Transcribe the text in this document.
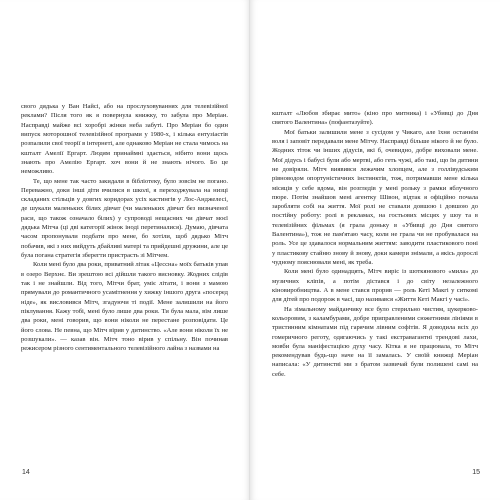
свого дядька у Ван Найсі, або на прослуховуваннях для телевізійної реклами? Після того як я повернула книжку, то забула про Меріан. Насправді майже всі хоробрі жінки неба забуті. Про Меріан бо один випуск моторошної телевізійної програми у 1980-х, і кілька ентузіастів розпалили свої теорії в інтернеті, але однаково Меріан не стала чимось на кшталт Амелії Ергарт. Людям принаймні здається, нібито вони щось знають про Амелію Ергарт. хоч вони й не знають нічого. Бо це неможливо.

Те, що мене так часто закидали в бібліотеку, було зовсім не погано. Переважно, доки інші діти вчилися в школі, я переходжувала на низці складаних стільців у довгих коридорах усіх кастингів у Лос-Анджелесі, де шукали маленьких білих дівчат (чи маленьких дівчат без визначеної раси, що також означало білих) у супроводі нещасних чи дівчат моєї дядька Мітча (ці дві категорії жінок іноді перетиналися). Думаю, дівчата часом пропонували подбати про мене, бо хотіли, щоб дядько Мітч побачив, які з них вийдуть дбайливі матері та прийдешні дружини, але це була погана стратегія зберегти пристрасть зі Мітчем.

Коли мені було два роки, приватний літак «Цессна» моїх батьків упав в озеро Верхнє. Ви зрештою всі дійшли такого висновку. Жодних слідів так і не знайшли. Від того, Мітчи брат, уміє літати, і вони з мамою прямували до романтичного усамітнення у хижку іншого друга «посеред ніде», як висловився Мітч, згадуючи ті події. Мене залишили на його піклування. Кажу тобі, мені було лише два роки. Ти була мала, вім лише два роки, мені говорив, що вони ніколи не перестане розповідати. Це його слова. Не певна, що Мітч вірив у дитинство. «Але вони ніколи їх не розшукали». — казав він. Мітч тоно вірив у спільну. Він починав режисером різного сентиментального телевізійного лайна з назвами на

14

кшталт «Любов збирає мито» (кіно про митника) і «Убивці до Дня святого Валентина» (пофантазуйте).

Мої батьки залишили мене з сусідом у Чикаго, але їхня останнім воля і заповіт передавали мене Мітчу. Насправді більше нікого й не було. Жодних тіток чи інших дідусів, які б, очевидно, добре виховали мене. Мої дідусь і бабусі були або мертві, або геть чужі, або такі, що їм дитини не довіряли. Мітч виявився лежачим хлопцем, але з голлівудським рівноводом опортуністичних інстинктів, тож, потримавши мене кілька місяців у себе вдома, він розгледів у мені рольку з рамки яблучного пюре. Потім знайшов мені агентку Шівон, відтак я офіційно почала заробляти собі на життя. Мої ролі не ставали довшою і довшою до постійну роботу: ролі в рекламах, на гостьових місцях у шоу та в телевізійних фільмах (я грала доньку в «Убивці до Дня святого Валентина»), тож не пам'ятаю часу, коли не грала чи не пробувалася на роль. Усе це здавалося нормальним життям: заводити пластикового поні у пластикову стайню знову й знову, доки камери знімали, а якісь дорослі чудному пояснювали мені, як треба.

Коли мені було одинадцять, Мітч виріс із шоткянового «мила» до музичних кліпів, а потім дістався і до світу незалежного кіновиробництва. А в мене стався прорив — роль Кеті Макгі у ситкомі для дітей про подорож в часі, що називався «Життя Кеті Макгі у часі».

На зімальному майданчику все було стерильно чистим, цукерково-кольоровим, з каламбурами, добре приправленими сюжетними лініями в тристинним кімнатами під гарячим лівним софітів. Я доводила всіх до гомеричного реготу, одягаючись у такі екстравагантні трендові лахи, мовби була маніфестацією духу часу. Кітка я не працювала, то Мітч рекомендував будь-що наче на її замалась. У своїй книжці Меріан написала: «У дитинстві ми з братом зазвичай були полишені самі на себе.

15
